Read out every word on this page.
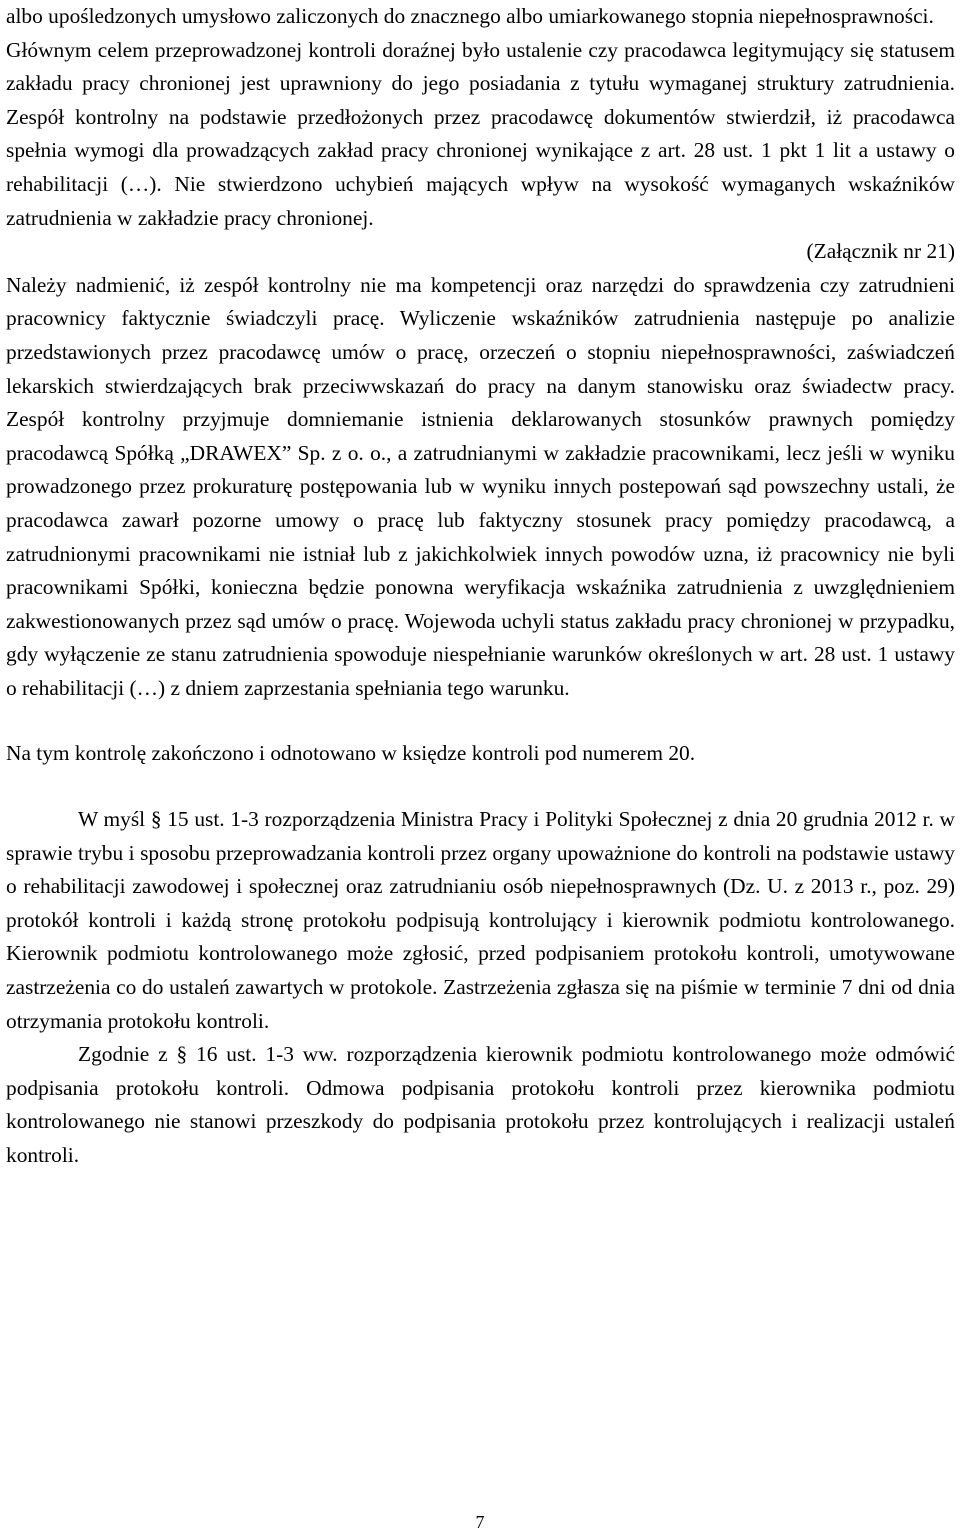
albo upośledzonych umysłowo zaliczonych do znacznego albo umiarkowanego stopnia niepełnosprawności.

Głównym celem przeprowadzonej kontroli doraźnej było ustalenie czy pracodawca legitymujący się statusem zakładu pracy chronionej jest uprawniony do jego posiadania z tytułu wymaganej struktury zatrudnienia. Zespół kontrolny na podstawie przedłożonych przez pracodawcę dokumentów stwierdził, iż pracodawca spełnia wymogi dla prowadzących zakład pracy chronionej wynikające z art. 28 ust. 1 pkt 1 lit a ustawy o rehabilitacji (…). Nie stwierdzono uchybień mających wpływ na wysokość wymaganych wskaźników zatrudnienia w zakładzie pracy chronionej.

(Załącznik nr 21)

Należy nadmienić, iż zespół kontrolny nie ma kompetencji oraz narzędzi do sprawdzenia czy zatrudnieni pracownicy faktycznie świadczyli pracę. Wyliczenie wskaźników zatrudnienia następuje po analizie przedstawionych przez pracodawcę umów o pracę, orzeczeń o stopniu niepełnosprawności, zaświadczeń lekarskich stwierdzających brak przeciwwskazań do pracy na danym stanowisku oraz świadectw pracy. Zespół kontrolny przyjmuje domniemanie istnienia deklarowanych stosunków prawnych pomiędzy pracodawcą Spółką „DRAWEX” Sp. z o. o., a zatrudnianymi w zakładzie pracownikami, lecz jeśli w wyniku prowadzonego przez prokuraturę postępowania lub w wyniku innych postepowań sąd powszechny ustali, że pracodawca zawarł pozorne umowy o pracę lub faktyczny stosunek pracy pomiędzy pracodawcą, a zatrudnionymi pracownikami nie istniał lub z jakichkolwiek innych powodów uzna, iż pracownicy nie byli pracownikami Spółki, konieczna będzie ponowna weryfikacja wskaźnika zatrudnienia z uwzględnieniem zakwestionowanych przez sąd umów o pracę. Wojewoda uchyli status zakładu pracy chronionej w przypadku, gdy wyłączenie ze stanu zatrudnienia spowoduje niespełnianie warunków określonych w art. 28 ust. 1 ustawy o rehabilitacji (…) z dniem zaprzestania spełniania tego warunku.

Na tym kontrolę zakończono i odnotowano w księdze kontroli pod numerem 20.

W myśl § 15 ust. 1-3 rozporządzenia Ministra Pracy i Polityki Społecznej z dnia 20 grudnia 2012 r. w sprawie trybu i sposobu przeprowadzania kontroli przez organy upoważnione do kontroli na podstawie ustawy o rehabilitacji zawodowej i społecznej oraz zatrudnianiu osób niepełnosprawnych (Dz. U. z 2013 r., poz. 29) protokół kontroli i każdą stronę protokołu podpisują kontrolujący i kierownik podmiotu kontrolowanego. Kierownik podmiotu kontrolowanego może zgłosić, przed podpisaniem protokołu kontroli, umotywowane zastrzeżenia co do ustaleń zawartych w protokole. Zastrzeżenia zgłasza się na piśmie w terminie 7 dni od dnia otrzymania protokołu kontroli.

Zgodnie z § 16 ust. 1-3 ww. rozporządzenia kierownik podmiotu kontrolowanego może odmówić podpisania protokołu kontroli. Odmowa podpisania protokołu kontroli przez kierownika podmiotu kontrolowanego nie stanowi przeszkody do podpisania protokołu przez kontrolujących i realizacji ustaleń kontroli.

7
